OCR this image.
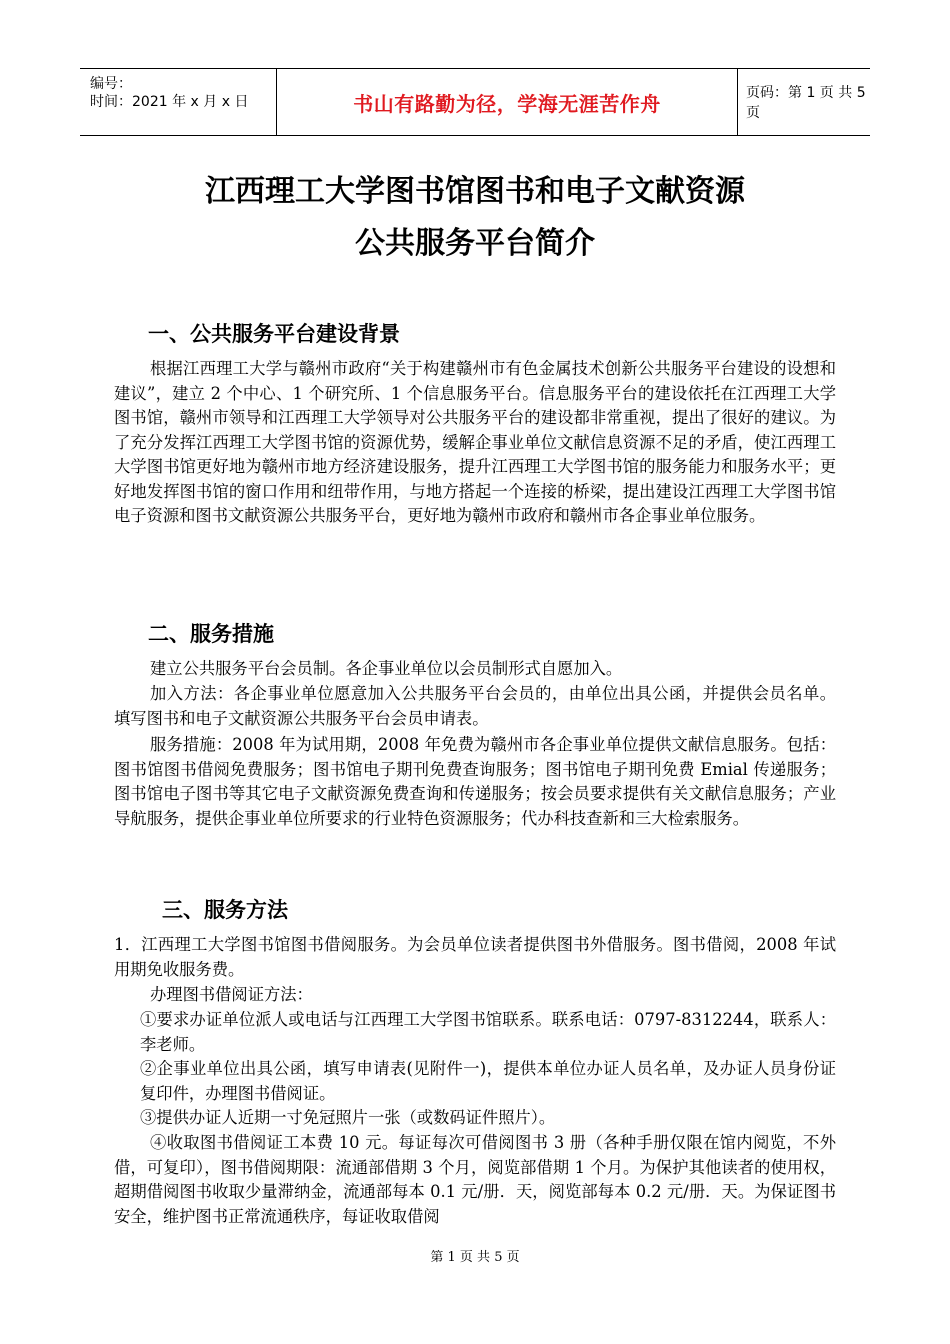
编号：
时间：2021 年 x 月 x 日	书山有路勤为径，学海无涯苦作舟	页码：第 1 页 共 5 页
江西理工大学图书馆图书和电子文献资源
公共服务平台简介
一、公共服务平台建设背景

根据江西理工大学与赣州市政府“关于构建赣州市有色金属技术创新公共服务平台建设的设想和建议”，建立 2 个中心、1 个研究所、1 个信息服务平台。信息服务平台的建设依托在江西理工大学图书馆，赣州市领导和江西理工大学领导对公共服务平台的建设都非常重视，提出了很好的建议。为了充分发挥江西理工大学图书馆的资源优势，缓解企事业单位文献信息资源不足的矛盾，使江西理工大学图书馆更好地为赣州市地方经济建设服务，提升江西理工大学图书馆的服务能力和服务水平；更好地发挥图书馆的窗口作用和纽带作用，与地方搭起一个连接的桥梁，提出建设江西理工大学图书馆电子资源和图书文献资源公共服务平台，更好地为赣州市政府和赣州市各企事业单位服务。

二、服务措施

建立公共服务平台会员制。各企事业单位以会员制形式自愿加入。

加入方法：各企事业单位愿意加入公共服务平台会员的，由单位出具公函，并提供会员名单。 填写图书和电子文献资源公共服务平台会员申请表。

服务措施：2008 年为试用期，2008 年免费为赣州市各企事业单位提供文献信息服务。包括：图书馆图书借阅免费服务；图书馆电子期刊免费查询服务；图书馆电子期刊免费 Emial 传递服务；图书馆电子图书等其它电子文献资源免费查询和传递服务；按会员要求提供有关文献信息服务；产业导航服务，提供企事业单位所要求的行业特色资源服务；代办科技查新和三大检索服务。

三、服务方法

1．江西理工大学图书馆图书借阅服务。为会员单位读者提供图书外借服务。图书借阅，2008 年试用期免收服务费。

办理图书借阅证方法：

①要求办证单位派人或电话与江西理工大学图书馆联系。联系电话：0797-8312244，联系人：李老师。

②企事业单位出具公函，填写申请表(见附件一)，提供本单位办证人员名单，及办证人员身份证复印件，办理图书借阅证。

③提供办证人近期一寸免冠照片一张（或数码证件照片）。

④收取图书借阅证工本费 10 元。每证每次可借阅图书 3 册（各种手册仅限在馆内阅览，不外借，可复印），图书借阅期限：流通部借期 3 个月，阅览部借期 1 个月。为保护其他读者的使用权，超期借阅图书收取少量滞纳金，流通部每本 0.1 元/册．天，阅览部每本 0.2 元/册．天。为保证图书安全，维护图书正常流通秩序，每证收取借阅

第 1 页 共 5 页
